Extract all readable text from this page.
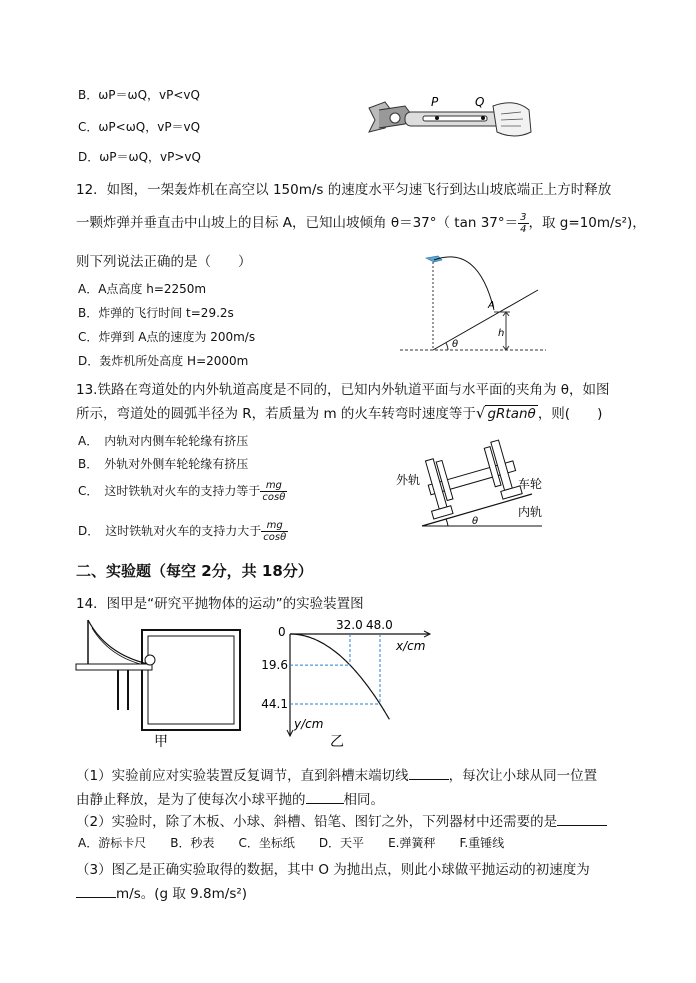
B．ωP＝ωQ，vP<vQ
C．ωP<ωQ，vP＝vQ
D．ωP＝ωQ，vP>vQ
P	Q
12．如图，一架轰炸机在高空以 150m/s 的速度水平匀速飞行到达山坡底端正上方时释放
一颗炸弹并垂直击中山坡上的目标 A，已知山坡倾角 θ＝37°（ $\tan 37^\circ= \frac{3}{4}$ ，取 g=10m/s²)，
则下列说法正确的是（　　）
A．A点高度 h=2250m
B．炸弹的飞行时间 t=29.2s
C．炸弹到 A点的速度为 200m/s
D．轰炸机所处高度 H=2000m
A
h
θ
13.铁路在弯道处的内外轨道高度是不同的，已知内外轨道平面与水平面的夹角为 θ，如图
所示，弯道处的圆弧半径为 R，若质量为 m 的火车转弯时速度等于√ gRtanθ ，则(　　)
A．　内轨对内侧车轮轮缘有挤压
B．　外轨对外侧车轮轮缘有挤压
C．　这时铁轨对火车的支持力等于 $\frac{mg}{\cos\theta}$
D．　这时铁轨对火车的支持力大于 $\frac{mg}{\cos\theta}$
外轨	车轮
内轨
θ
二、实验题（每空 2分，共 18分）
14．图甲是“研究平抛物体的运动”的实验装置图
甲
32.0
19.6
48.0
44.1
0
x/cm
y/cm
乙
（1）实验前应对实验装置反复调节，直到斜槽末端切线	，每次让小球从同一位置
由静止释放，是为了使每次小球平抛的	相同。
（2）实验时，除了木板、小球、斜槽、铅笔、图钉之外，下列器材中还需要的是
A．游标卡尺　　B．秒表　　C．坐标纸　　D．天平　　E.弹簧秤　　F.重锤线
（3）图乙是正确实验取得的数据，其中 O 为抛出点，则此小球做平抛运动的初速度为
m/s。(g 取 9.8m/s²)
